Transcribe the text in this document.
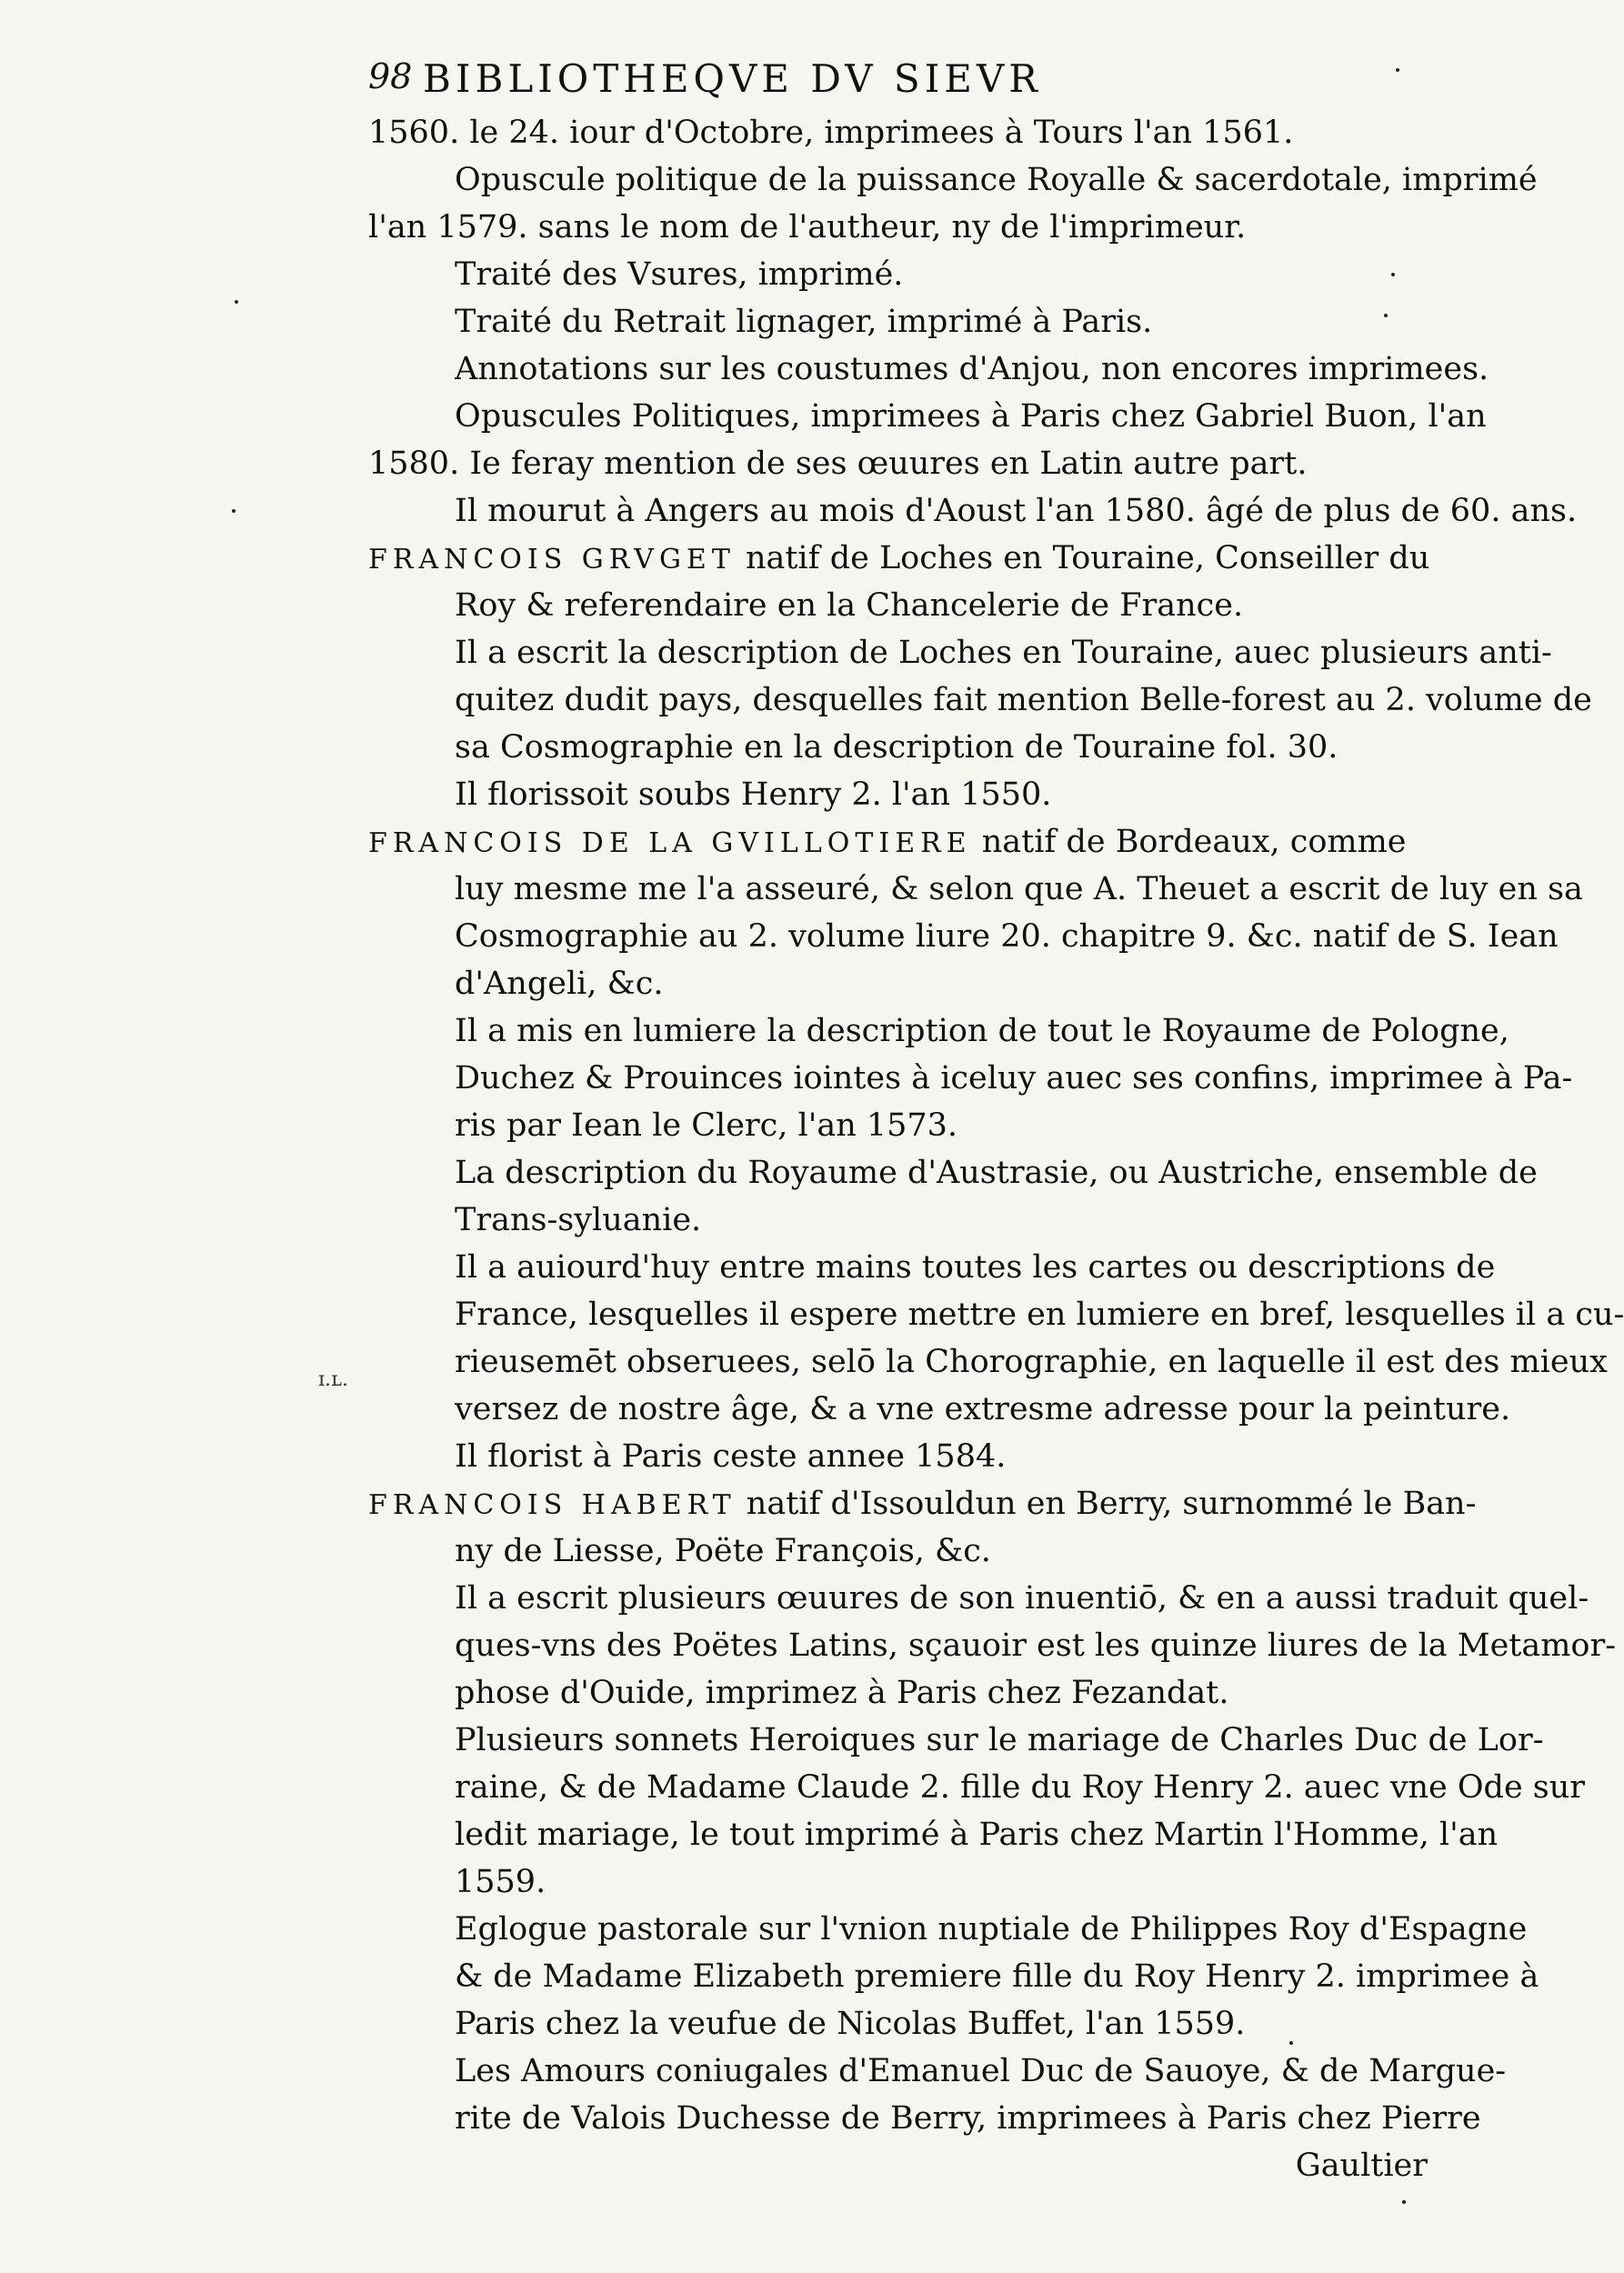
98 BIBLIOTHEQVE DV SIEVR
ɪ.ʟ.
1560. le 24. iour d'Octobre, imprimees à Tours l'an 1561.
Opuscule politique de la puissance Royalle & sacerdotale, imprimé
l'an 1579. sans le nom de l'autheur, ny de l'imprimeur.
Traité des Vsures, imprimé.
Traité du Retrait lignager, imprimé à Paris.
Annotations sur les coustumes d'Anjou, non encores imprimees.
Opuscules Politiques, imprimees à Paris chez Gabriel Buon, l'an
1580. Ie feray mention de ses œuures en Latin autre part.
Il mourut à Angers au mois d'Aoust l'an 1580. âgé de plus de 60. ans.
FRANCOIS GRVGET natif de Loches en Touraine, Conseiller du
Roy & referendaire en la Chancelerie de France.
Il a escrit la description de Loches en Touraine, auec plusieurs anti-
quitez dudit pays, desquelles fait mention Belle-forest au 2. volume de
sa Cosmographie en la description de Touraine fol. 30.
Il florissoit soubs Henry 2. l'an 1550.
FRANCOIS DE LA GVILLOTIERE natif de Bordeaux, comme
luy mesme me l'a asseuré, & selon que A. Theuet a escrit de luy en sa
Cosmographie au 2. volume liure 20. chapitre 9. &c. natif de S. Iean
d'Angeli, &c.
Il a mis en lumiere la description de tout le Royaume de Pologne,
Duchez & Prouinces iointes à iceluy auec ses confins, imprimee à Pa-
ris par Iean le Clerc, l'an 1573.
La description du Royaume d'Austrasie, ou Austriche, ensemble de
Trans-syluanie.
Il a auiourd'huy entre mains toutes les cartes ou descriptions de
France, lesquelles il espere mettre en lumiere en bref, lesquelles il a cu-
rieusemēt obseruees, selō la Chorographie, en laquelle il est des mieux
versez de nostre âge, & a vne extresme adresse pour la peinture.
Il florist à Paris ceste annee 1584.
FRANCOIS HABERT natif d'Issouldun en Berry, surnommé le Ban-
ny de Liesse, Poëte François, &c.
Il a escrit plusieurs œuures de son inuentiō, & en a aussi traduit quel-
ques-vns des Poëtes Latins, sçauoir est les quinze liures de la Metamor-
phose d'Ouide, imprimez à Paris chez Fezandat.
Plusieurs sonnets Heroiques sur le mariage de Charles Duc de Lor-
raine, & de Madame Claude 2. fille du Roy Henry 2. auec vne Ode sur
ledit mariage, le tout imprimé à Paris chez Martin l'Homme, l'an
1559.
Eglogue pastorale sur l'vnion nuptiale de Philippes Roy d'Espagne
& de Madame Elizabeth premiere fille du Roy Henry 2. imprimee à
Paris chez la veufue de Nicolas Buffet, l'an 1559.
Les Amours coniugales d'Emanuel Duc de Sauoye, & de Margue-
rite de Valois Duchesse de Berry, imprimees à Paris chez Pierre
Gaultier
